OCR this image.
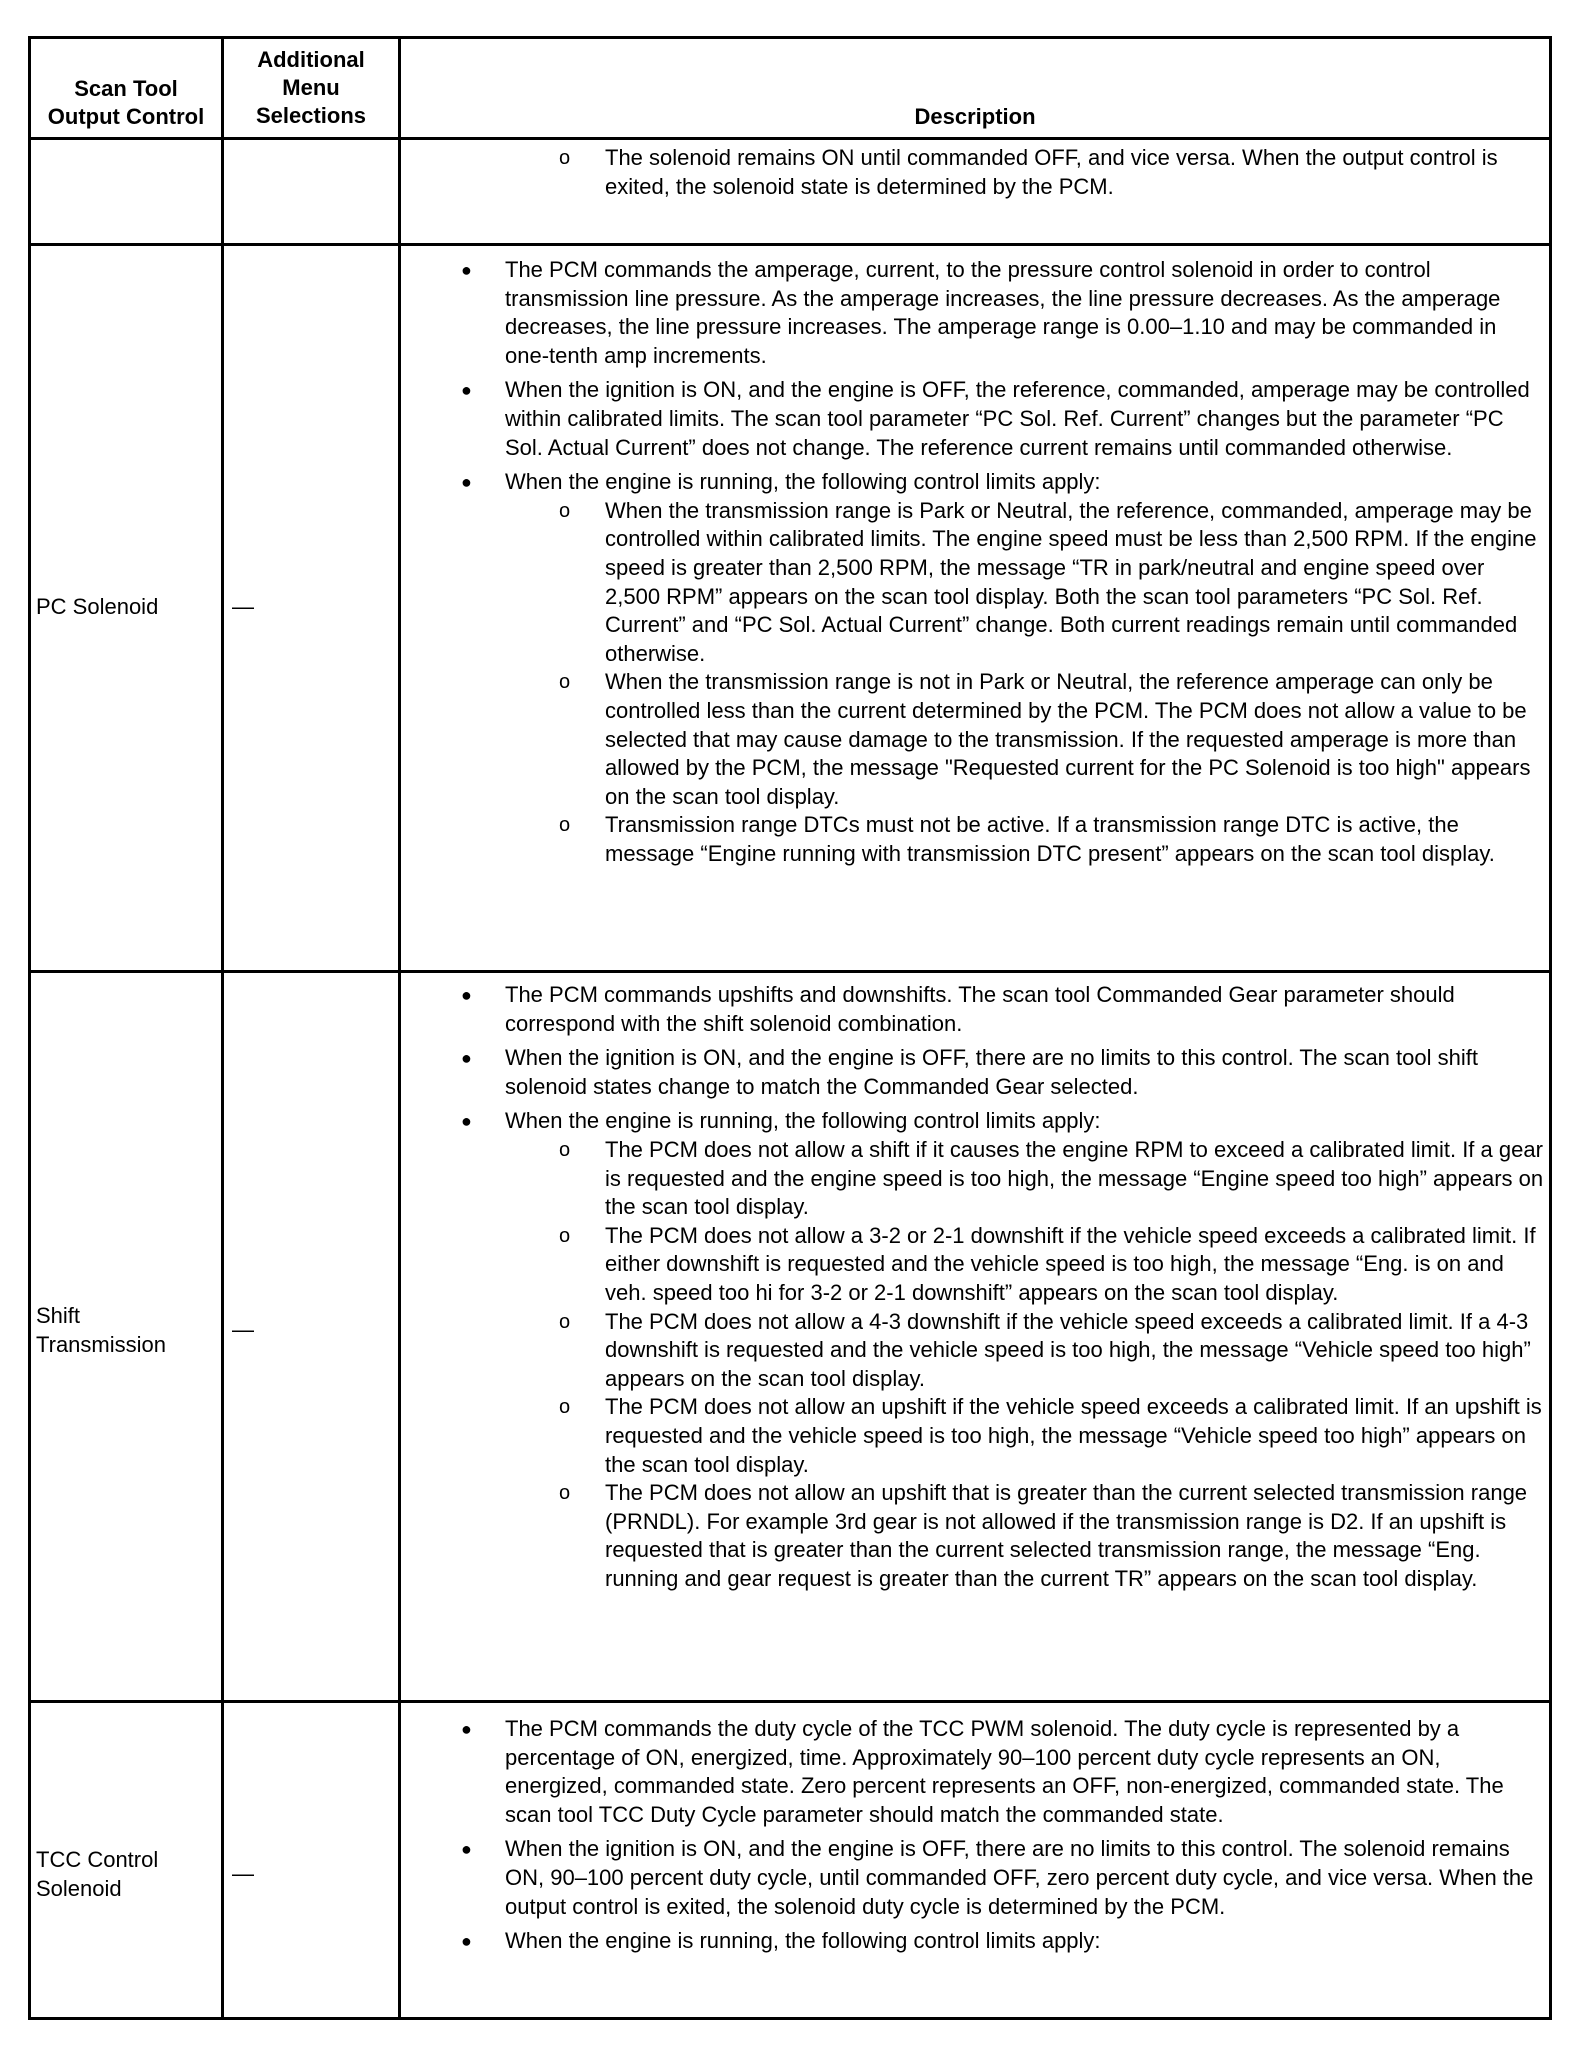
Scan Tool
Output Control
Additional
Menu
Selections	Description
o The solenoid remains ON until commanded OFF, and vice versa. When the output control is exited, the solenoid state is determined by the PCM.
PC Solenoid	—
● The PCM commands the amperage, current, to the pressure control solenoid in order to control transmission line pressure. As the amperage increases, the line pressure decreases. As the amperage decreases, the line pressure increases. The amperage range is 0.00–1.10 and may be commanded in one-tenth amp increments.
● When the ignition is ON, and the engine is OFF, the reference, commanded, amperage may be controlled within calibrated limits. The scan tool parameter “PC Sol. Ref. Current” changes but the parameter “PC Sol. Actual Current” does not change. The reference current remains until commanded otherwise.
● When the engine is running, the following control limits apply:
o When the transmission range is Park or Neutral, the reference, commanded, amperage may be controlled within calibrated limits. The engine speed must be less than 2,500 RPM. If the engine speed is greater than 2,500 RPM, the message “TR in park/neutral and engine speed over 2,500 RPM” appears on the scan tool display. Both the scan tool parameters “PC Sol. Ref. Current” and “PC Sol. Actual Current” change. Both current readings remain until commanded otherwise.
o When the transmission range is not in Park or Neutral, the reference amperage can only be controlled less than the current determined by the PCM. The PCM does not allow a value to be selected that may cause damage to the transmission. If the requested amperage is more than allowed by the PCM, the message "Requested current for the PC Solenoid is too high" appears on the scan tool display.
o Transmission range DTCs must not be active. If a transmission range DTC is active, the message “Engine running with transmission DTC present” appears on the scan tool display.
Shift
Transmission
—
● The PCM commands upshifts and downshifts. The scan tool Commanded Gear parameter should correspond with the shift solenoid combination.
● When the ignition is ON, and the engine is OFF, there are no limits to this control. The scan tool shift solenoid states change to match the Commanded Gear selected.
● When the engine is running, the following control limits apply:
o The PCM does not allow a shift if it causes the engine RPM to exceed a calibrated limit. If a gear is requested and the engine speed is too high, the message “Engine speed too high” appears on the scan tool display.
o The PCM does not allow a 3-2 or 2-1 downshift if the vehicle speed exceeds a calibrated limit. If either downshift is requested and the vehicle speed is too high, the message “Eng. is on and veh. speed too hi for 3-2 or 2-1 downshift” appears on the scan tool display.
o The PCM does not allow a 4-3 downshift if the vehicle speed exceeds a calibrated limit. If a 4-3 downshift is requested and the vehicle speed is too high, the message “Vehicle speed too high” appears on the scan tool display.
o The PCM does not allow an upshift if the vehicle speed exceeds a calibrated limit. If an upshift is requested and the vehicle speed is too high, the message “Vehicle speed too high” appears on the scan tool display.
o The PCM does not allow an upshift that is greater than the current selected transmission range (PRNDL). For example 3rd gear is not allowed if the transmission range is D2. If an upshift is requested that is greater than the current selected transmission range, the message “Eng. running and gear request is greater than the current TR” appears on the scan tool display.
TCC Control
Solenoid
—
● The PCM commands the duty cycle of the TCC PWM solenoid. The duty cycle is represented by a percentage of ON, energized, time. Approximately 90–100 percent duty cycle represents an ON, energized, commanded state. Zero percent represents an OFF, non-energized, commanded state. The scan tool TCC Duty Cycle parameter should match the commanded state.
● When the ignition is ON, and the engine is OFF, there are no limits to this control. The solenoid remains ON, 90–100 percent duty cycle, until commanded OFF, zero percent duty cycle, and vice versa. When the output control is exited, the solenoid duty cycle is determined by the PCM.
● When the engine is running, the following control limits apply:
